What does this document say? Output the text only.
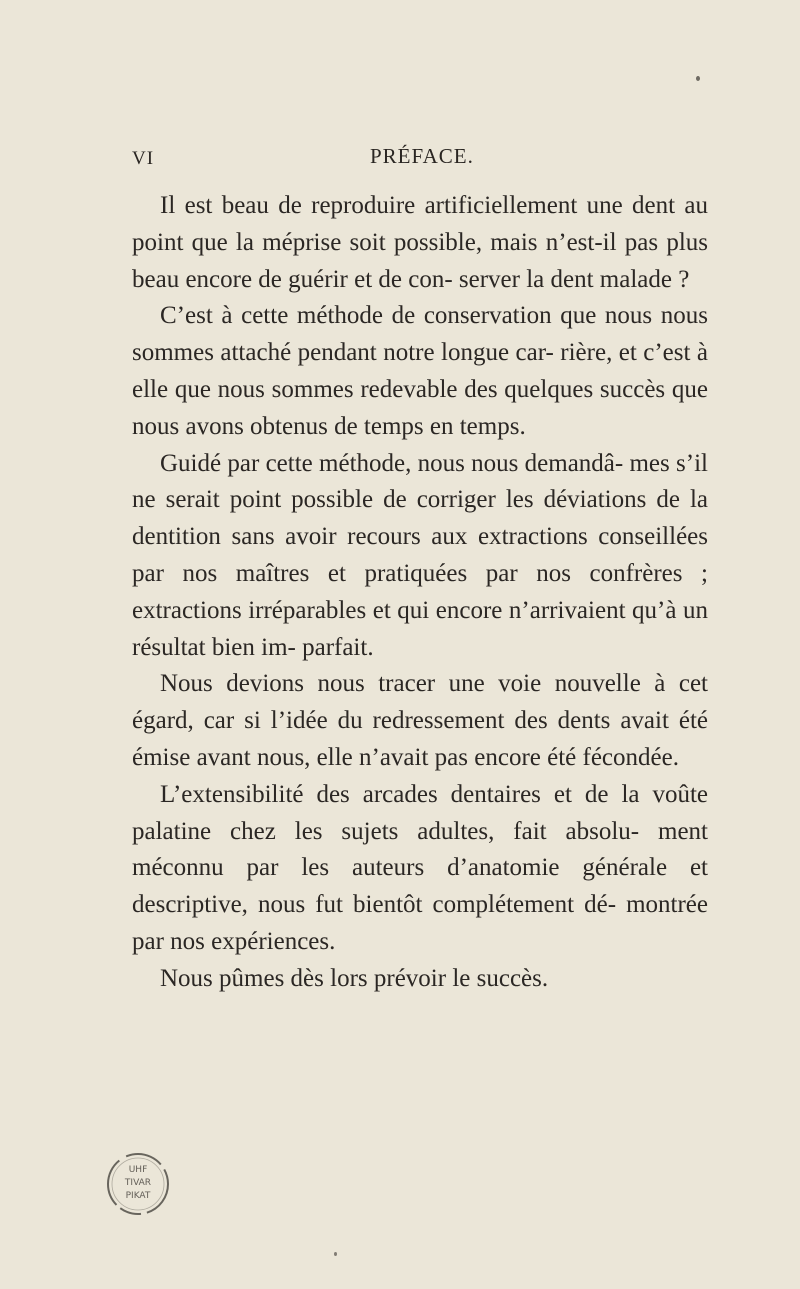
VI	PRÉFACE.

Il est beau de reproduire artificiellement une dent au point que la méprise soit possible, mais n’est-il pas plus beau encore de guérir et de con- server la dent malade ?

C’est à cette méthode de conservation que nous nous sommes attaché pendant notre longue car- rière, et c’est à elle que nous sommes redevable des quelques succès que nous avons obtenus de temps en temps.

Guidé par cette méthode, nous nous demandâ- mes s’il ne serait point possible de corriger les déviations de la dentition sans avoir recours aux extractions conseillées par nos maîtres et pratiquées par nos confrères ; extractions irréparables et qui encore n’arrivaient qu’à un résultat bien im- parfait.

Nous devions nous tracer une voie nouvelle à cet égard, car si l’idée du redressement des dents avait été émise avant nous, elle n’avait pas encore été fécondée.

L’extensibilité des arcades dentaires et de la voûte palatine chez les sujets adultes, fait absolu- ment méconnu par les auteurs d’anatomie générale et descriptive, nous fut bientôt complétement dé- montrée par nos expériences.

Nous pûmes dès lors prévoir le succès.

UHF
TIVAR
PIKAT
